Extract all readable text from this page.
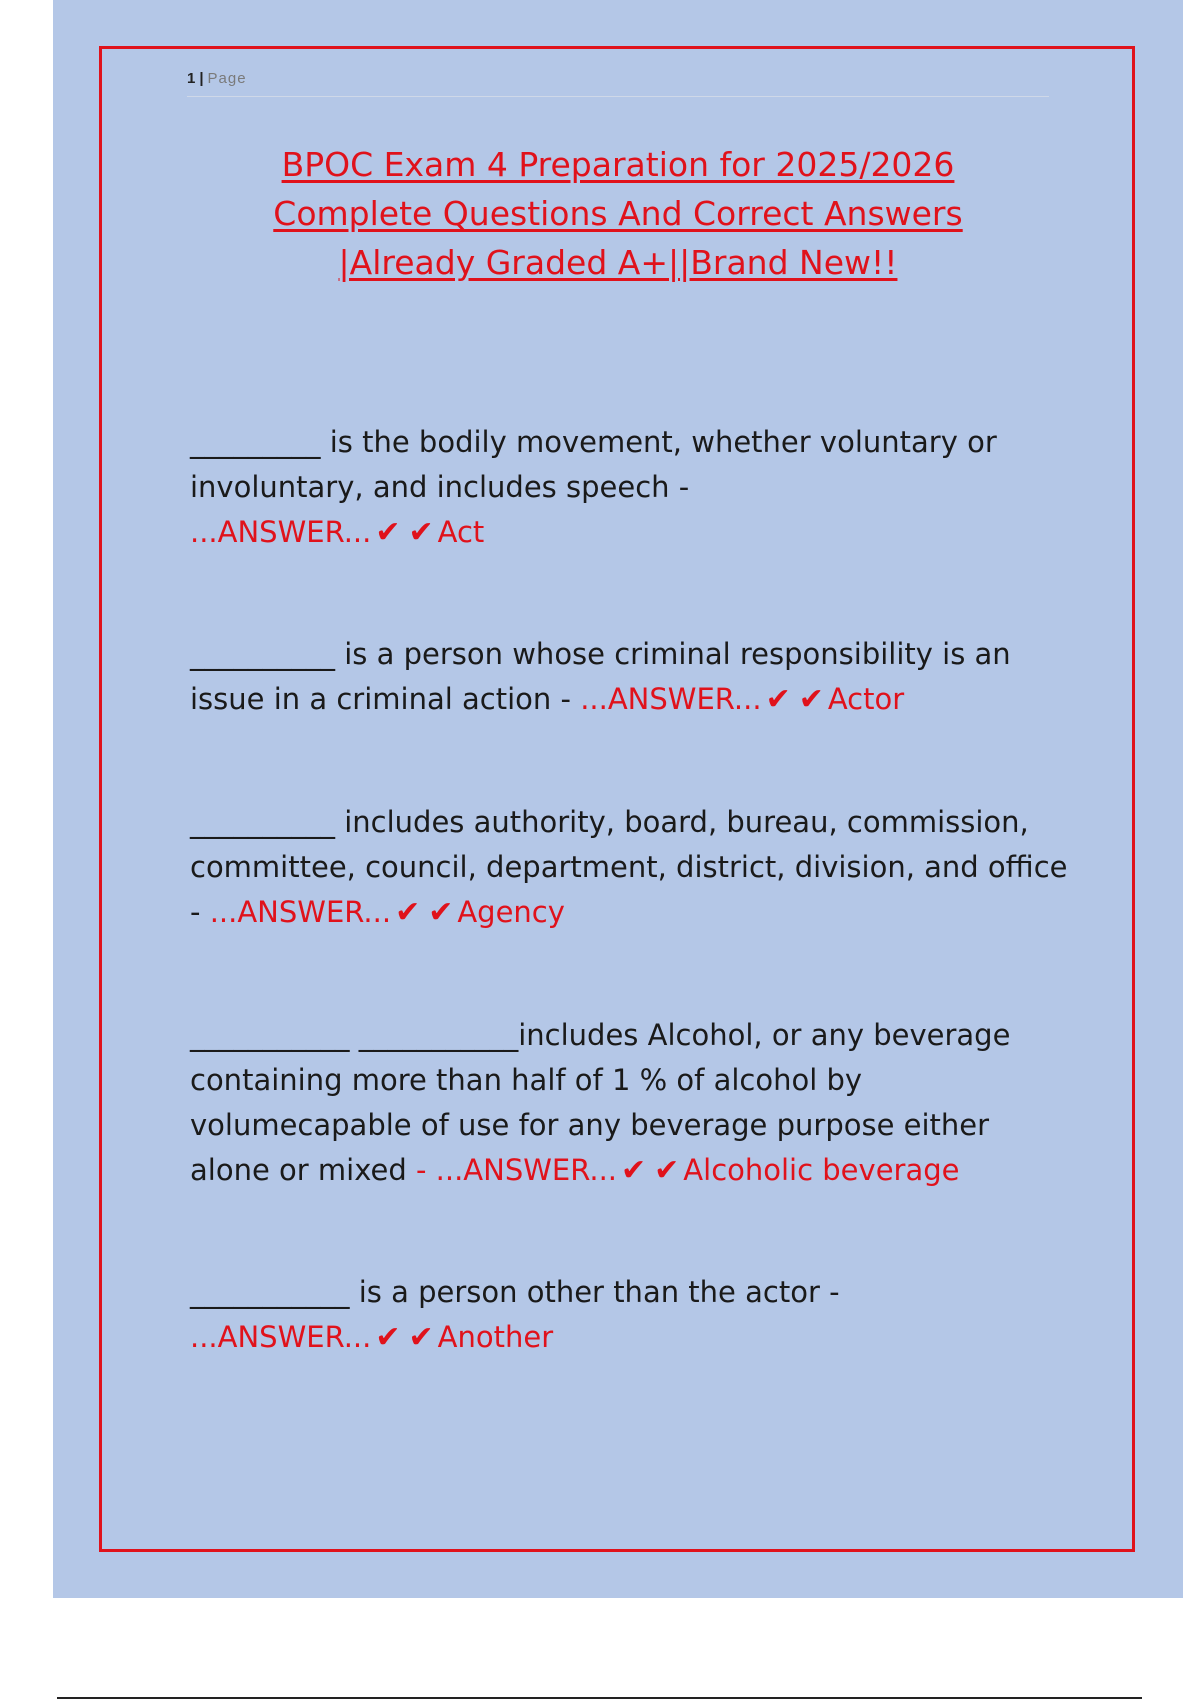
1 | Page
BPOC Exam 4 Preparation for 2025/2026
Complete Questions And Correct Answers
|Already Graded A+||Brand New!!
_________ is the bodily movement, whether voluntary or involuntary, and includes speech -
...ANSWER... ✔ ✔ Act
__________ is a person whose criminal responsibility is an issue in a criminal action - ...ANSWER... ✔ ✔ Actor
__________ includes authority, board, bureau, commission, committee, council, department, district, division, and office - ...ANSWER... ✔ ✔ Agency
___________ ___________includes Alcohol, or any beverage containing more than half of 1 % of alcohol by volumecapable of use for any beverage purpose either alone or mixed - ...ANSWER... ✔ ✔ Alcoholic beverage
___________ is a person other than the actor -
...ANSWER... ✔ ✔ Another
